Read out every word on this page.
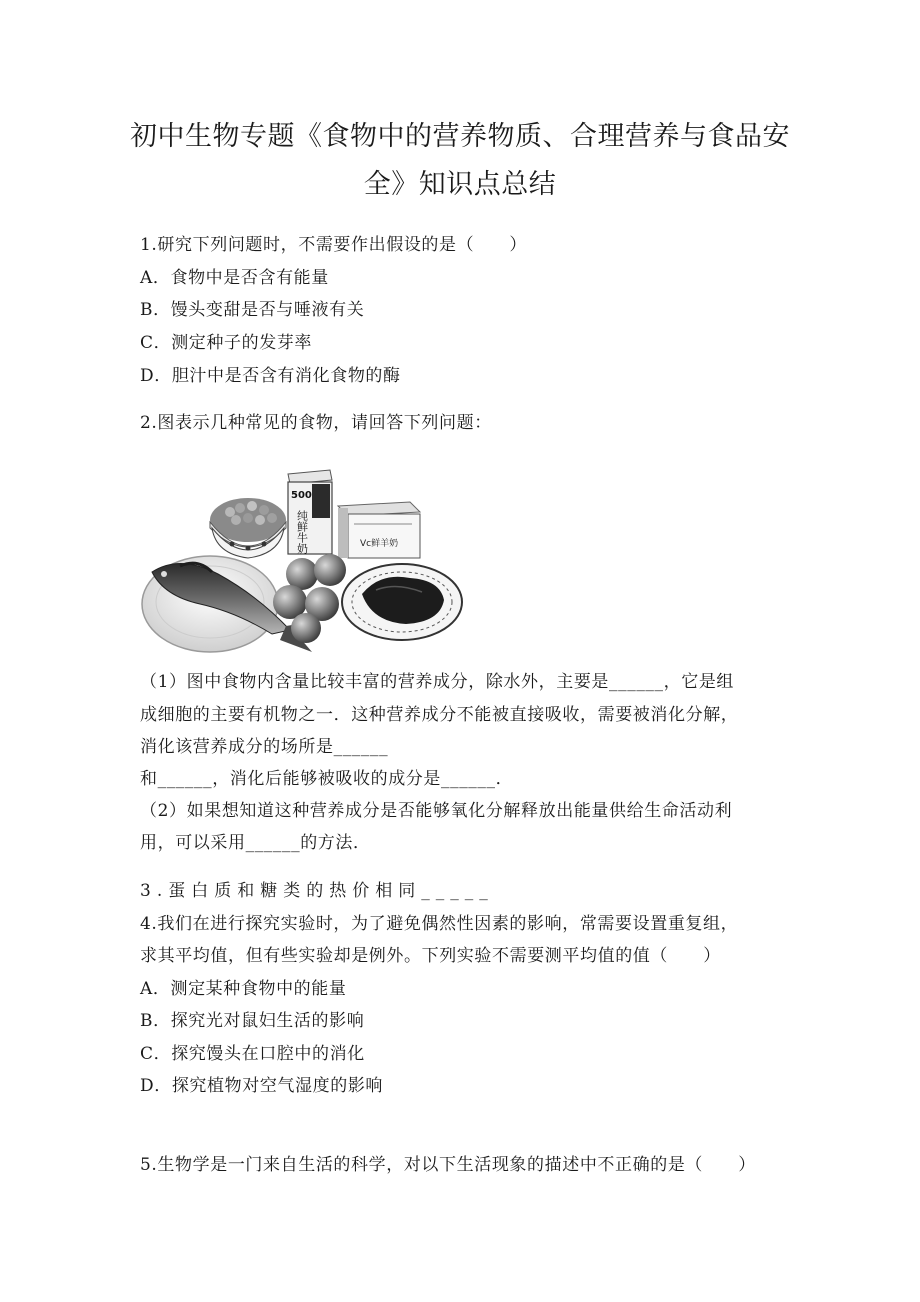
初中生物专题《食物中的营养物质、合理营养与食品安
全》知识点总结
1.研究下列问题时，不需要作出假设的是（　　）
A．食物中是否含有能量
B．馒头变甜是否与唾液有关
C．测定种子的发芽率
D．胆汁中是否含有消化食物的酶
2.图表示几种常见的食物，请回答下列问题：
500
纯鲜牛奶	Vc鲜羊奶
（1）图中食物内含量比较丰富的营养成分，除水外，主要是______，它是组
成细胞的主要有机物之一．这种营养成分不能被直接吸收，需要被消化分解，
消化该营养成分的场所是______
和______，消化后能够被吸收的成分是______．
（2）如果想知道这种营养成分是否能够氧化分解释放出能量供给生命活动利
用，可以采用______的方法．
3.蛋白质和糖类的热价相同_____
4.我们在进行探究实验时，为了避免偶然性因素的影响，常需要设置重复组，
求其平均值，但有些实验却是例外。下列实验不需要测平均值的值（　　）
A．测定某种食物中的能量
B．探究光对鼠妇生活的影响
C．探究馒头在口腔中的消化
D．探究植物对空气湿度的影响
5.生物学是一门来自生活的科学，对以下生活现象的描述中不正确的是（　　）
